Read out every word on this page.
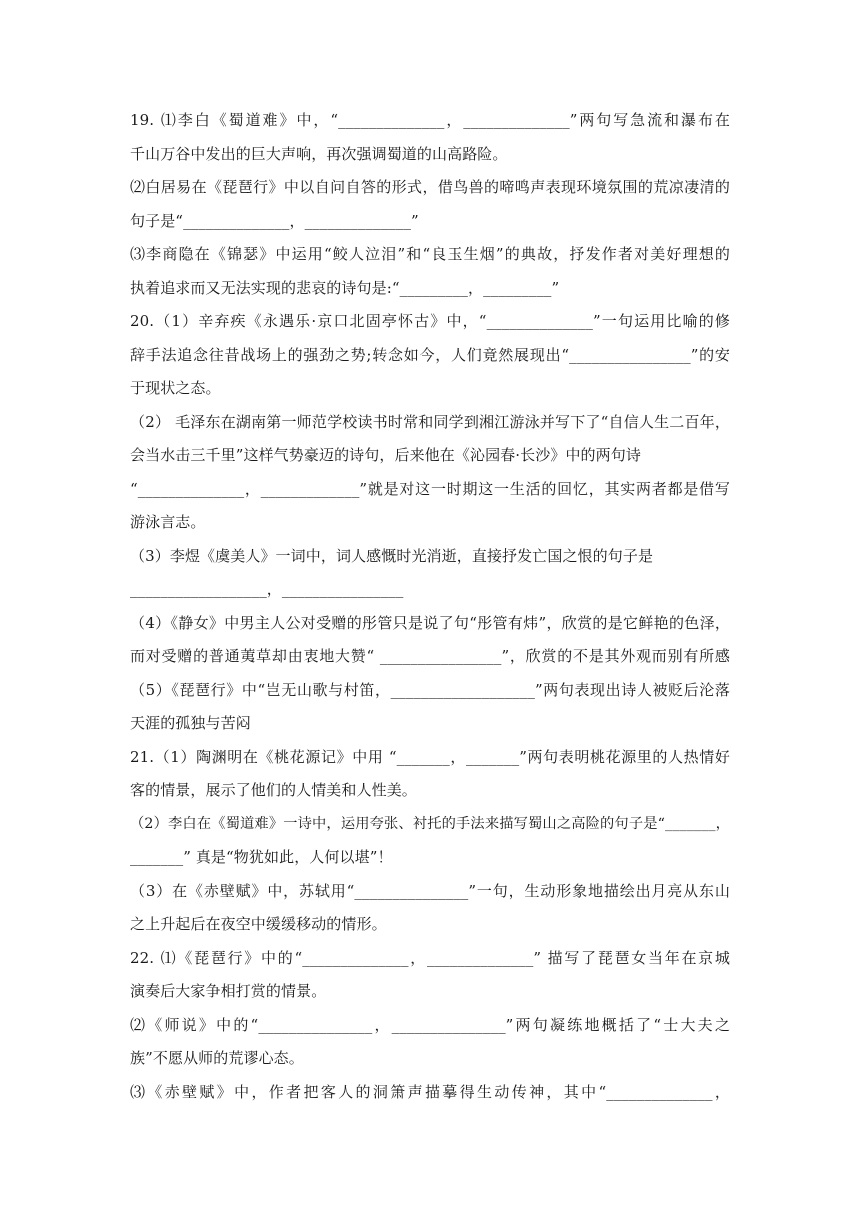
19. ⑴李白《蜀道难》中，“______________，______________”两句写急流和瀑布在
千山万谷中发出的巨大声响，再次强调蜀道的山高路险。
⑵白居易在《琵琶行》中以自问自答的形式，借鸟兽的啼鸣声表现环境氛围的荒凉凄清的
句子是“______________，______________”
⑶李商隐在《锦瑟》中运用“鲛人泣泪”和“良玉生烟”的典故，抒发作者对美好理想的
执着追求而又无法实现的悲哀的诗句是:“_________，_________”
20.（1）辛弃疾《永遇乐·京口北固亭怀古》中，“______________”一句运用比喻的修
辞手法追念往昔战场上的强劲之势;转念如今，人们竟然展现出“________________”的安
于现状之态。
（2） 毛泽东在湖南第一师范学校读书时常和同学到湘江游泳并写下了“自信人生二百年，
会当水击三千里”这样气势豪迈的诗句，后来他在《沁园春·长沙》中的两句诗
“______________，_____________”就是对这一时期这一生活的回忆，其实两者都是借写
游泳言志。
（3）李煜《虞美人》一词中，词人感慨时光消逝，直接抒发亡国之恨的句子是
__________________，________________
（4）《静女》中男主人公对受赠的彤管只是说了句“彤管有炜”，欣赏的是它鲜艳的色泽，
而对受赠的普通荑草却由衷地大赞“ ________________”，欣赏的不是其外观而别有所感
（5）《琵琶行》中“岂无山歌与村笛，___________________”两句表现出诗人被贬后沦落
天涯的孤独与苦闷
21.（1）陶渊明在《桃花源记》中用 “_______，_______”两句表明桃花源里的人热情好
客的情景，展示了他们的人情美和人性美。
（2）李白在《蜀道难》一诗中，运用夸张、衬托的手法来描写蜀山之高险的句子是“_______，
_______” 真是“物犹如此，人何以堪”！
（3）在《赤壁赋》中，苏轼用“_______________”一句，生动形象地描绘出月亮从东山
之上升起后在夜空中缓缓移动的情形。
22. ⑴《琵琶行》中的“______________，______________” 描写了琵琶女当年在京城
演奏后大家争相打赏的情景。
⑵《师说》中的“_______________，_______________”两句凝练地概括了“士大夫之
族”不愿从师的荒谬心态。
⑶《赤壁赋》中，作者把客人的洞箫声描摹得生动传神，其中“______________，
